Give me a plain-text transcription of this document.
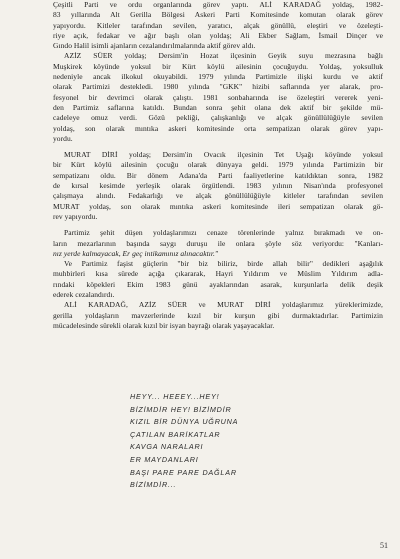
Çeşitli Parti ve ordu organlarında görev yaptı. ALİ KARADAĞ yoldaş, 1982-
83 yıllarında Alt Gerilla Bölgesi Askeri Parti Komitesinde komutan olarak görev
yapıyordu. Kitleler tarafından sevilen, yaratıcı, alçak gönüllü, eleştiri ve özeleşti-
riye açık, fedakar ve ağır başlı olan yoldaş; Ali Ekber Sağlam, İsmail Dinçer ve
Gındo Halil isimli ajanların cezalandırılmalarında aktif görev aldı.

AZİZ SÜER yoldaş; Dersim'in Hozat ilçesinin Geyik suyu mezrasına bağlı
Muşkirek köyünde yoksul bir Kürt köylü ailesinin çocuğuydu. Yoldaş, yoksulluk
nedeniyle ancak ilkokul okuyabildi. 1979 yılında Partimizle ilişki kurdu ve aktif
olarak Partimizi destekledi. 1980 yılında "GKK" hizibi saflarında yer alarak, pro-
fesyonel bir devrimci olarak çalıştı. 1981 sonbaharında ise özeleştiri vererek yeni-
den Partimiz saflarına katıldı. Bundan sonra şehit olana dek aktif bir şekilde mü-
cadeleye omuz verdi. Gözü pekliği, çalışkanlığı ve alçak gönüllülüğüyle sevilen
yoldaş, son olarak mıntıka askeri komitesinde orta sempatizan olarak görev yapı-
yordu.

MURAT DİRİ yoldaş; Dersim'in Ovacık ilçesinin Tet Uşağı köyünde yoksul
bir Kürt köylü ailesinin çocuğu olarak dünyaya geldi. 1979 yılında Partimizin bir
sempatizanı oldu. Bir dönem Adana'da Parti faaliyetlerine katıldıktan sonra, 1982
de kırsal kesimde yerleşik olarak örgütlendi. 1983 yılının Nisan'ında profesyonel
çalışmaya alındı. Fedakarlığı ve alçak gönüllülüğüyle kitleler tarafından sevilen
MURAT yoldaş, son olarak mıntıka askeri komitesinde ileri sempatizan olarak gö-
rev yapıyordu.

Partimiz şehit düşen yoldaşlarımızı cenaze törenlerinde yalnız bırakmadı ve on-
ların mezarlarının başında saygı duruşu ile onlara şöyle söz veriyordu: "Kanları-
nız yerde kalmayacak, Er geç intikamınız alınacaktır."

Ve Partimiz faşist güçlerin "bir biz biliriz, birde allah bilir" dedikleri aşağılık
muhbirleri kısa sürede açığa çıkararak, Hayri Yıldırım ve Müslim Yıldırım adla-
rındaki köpekleri Ekim 1983 günü ayaklarından asarak, kurşunlarla delik deşik
ederek cezalandırdı.

ALİ KARADAĞ, AZİZ SÜER ve MURAT DİRİ yoldaşlarımız yüreklerimizde,
gerilla yoldaşların mavzerlerinde kızıl bir kurşun gibi durmaktadırlar. Partimizin
mücadelesinde sürekli olarak kızıl bir isyan bayrağı olarak yaşayacaklar.

HEYY... HEEEY...HEY!
BİZİMDİR HEY! BİZİMDİR
KIZIL BİR DÜNYA UĞRUNA
ÇATILAN BARİKATLAR
KAVGA NARALARI
ER MAYDANLARI
BAŞI PARE PARE DAĞLAR
BİZİMDİR...
51
